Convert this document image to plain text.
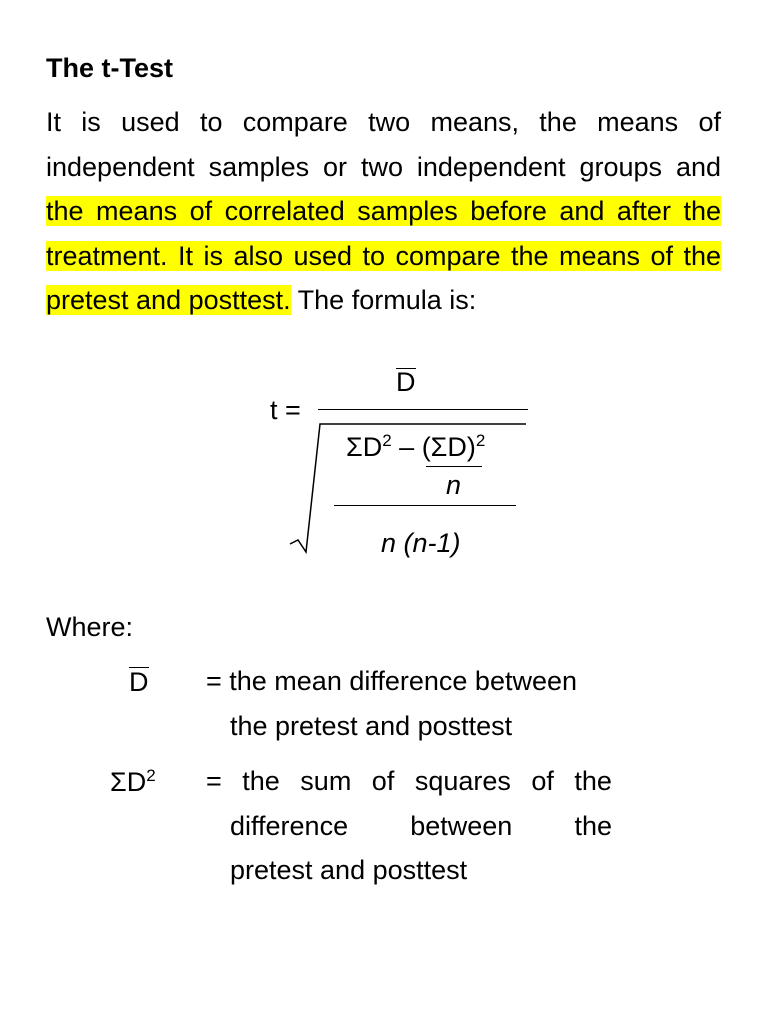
The t-Test
It is used to compare two means, the means of independent samples or two independent groups and the means of correlated samples before and after the treatment. It is also used to compare the means of the pretest and posttest. The formula is:
t =
D
$\Sigma D^2 - (\Sigma D)^2$
n
n (n-1)
Where:
D = the mean difference between
the pretest and posttest
$\Sigma D^2$ = the sum of squares of the
difference between the
pretest and posttest
